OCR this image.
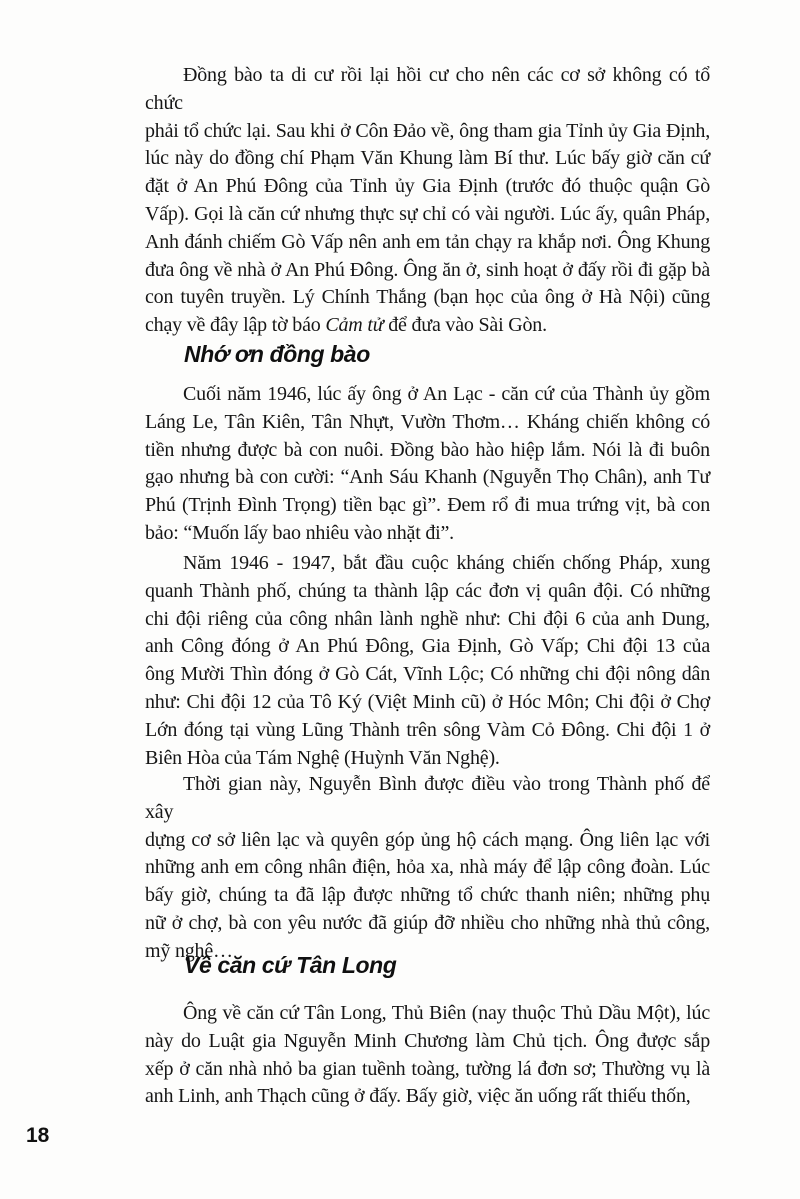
Đồng bào ta di cư rồi lại hồi cư cho nên các cơ sở không có tổ chức
phải tổ chức lại. Sau khi ở Côn Đảo về, ông tham gia Tỉnh ủy Gia Định,
lúc này do đồng chí Phạm Văn Khung làm Bí thư. Lúc bấy giờ căn cứ
đặt ở An Phú Đông của Tỉnh ủy Gia Định (trước đó thuộc quận Gò
Vấp). Gọi là căn cứ nhưng thực sự chỉ có vài người. Lúc ấy, quân Pháp,
Anh đánh chiếm Gò Vấp nên anh em tản chạy ra khắp nơi. Ông Khung
đưa ông về nhà ở An Phú Đông. Ông ăn ở, sinh hoạt ở đấy rồi đi gặp bà
con tuyên truyền. Lý Chính Thắng (bạn học của ông ở Hà Nội) cũng
chạy về đây lập tờ báo Cảm tử để đưa vào Sài Gòn.
Nhớ ơn đồng bào
Cuối năm 1946, lúc ấy ông ở An Lạc - căn cứ của Thành ủy gồm
Láng Le, Tân Kiên, Tân Nhựt, Vườn Thơm… Kháng chiến không có
tiền nhưng được bà con nuôi. Đồng bào hào hiệp lắm. Nói là đi buôn
gạo nhưng bà con cười: “Anh Sáu Khanh (Nguyễn Thọ Chân), anh Tư
Phú (Trịnh Đình Trọng) tiền bạc gì”. Đem rổ đi mua trứng vịt, bà con
bảo: “Muốn lấy bao nhiêu vào nhặt đi”.
Năm 1946 - 1947, bắt đầu cuộc kháng chiến chống Pháp, xung
quanh Thành phố, chúng ta thành lập các đơn vị quân đội. Có những
chi đội riêng của công nhân lành nghề như: Chi đội 6 của anh Dung,
anh Công đóng ở An Phú Đông, Gia Định, Gò Vấp; Chi đội 13 của
ông Mười Thìn đóng ở Gò Cát, Vĩnh Lộc; Có những chi đội nông dân
như: Chi đội 12 của Tô Ký (Việt Minh cũ) ở Hóc Môn; Chi đội ở Chợ
Lớn đóng tại vùng Lũng Thành trên sông Vàm Cỏ Đông. Chi đội 1 ở
Biên Hòa của Tám Nghệ (Huỳnh Văn Nghệ).
Thời gian này, Nguyễn Bình được điều vào trong Thành phố để xây
dựng cơ sở liên lạc và quyên góp ủng hộ cách mạng. Ông liên lạc với
những anh em công nhân điện, hỏa xa, nhà máy để lập công đoàn. Lúc
bấy giờ, chúng ta đã lập được những tổ chức thanh niên; những phụ
nữ ở chợ, bà con yêu nước đã giúp đỡ nhiều cho những nhà thủ công,
mỹ nghệ…
Về căn cứ Tân Long
Ông về căn cứ Tân Long, Thủ Biên (nay thuộc Thủ Dầu Một), lúc
này do Luật gia Nguyễn Minh Chương làm Chủ tịch. Ông được sắp
xếp ở căn nhà nhỏ ba gian tuềnh toàng, tường lá đơn sơ; Thường vụ là
anh Linh, anh Thạch cũng ở đấy. Bấy giờ, việc ăn uống rất thiếu thốn,
18
